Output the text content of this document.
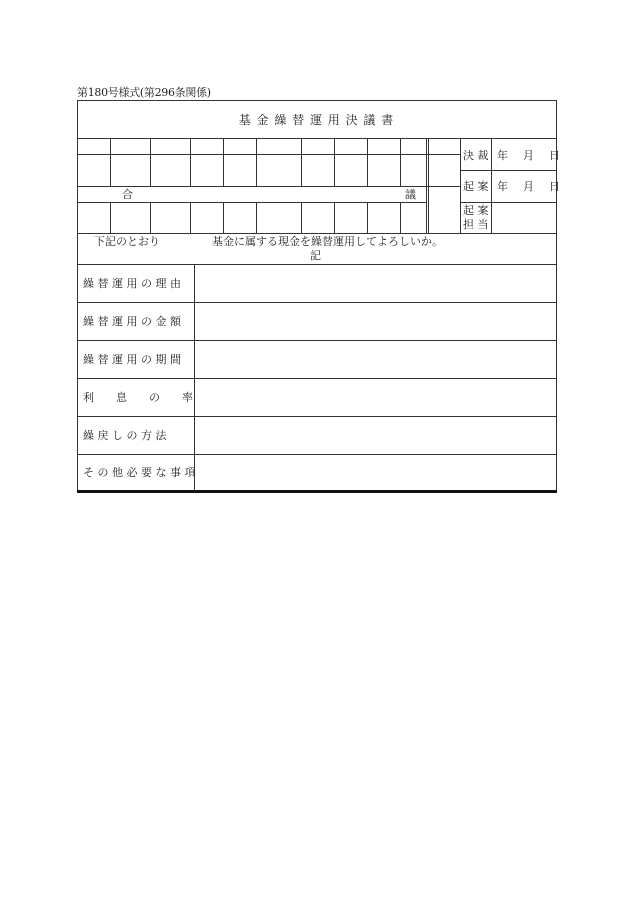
第180号様式(第296条関係)
基 金 繰 替 運 用 決 議 書
決 裁 年　月　日
起 案 年　月　日
起 案
担 当
合	議
下記のとおり	基金に属する現金を繰替運用してよろしいか。
記
繰 替 運 用 の 理 由
繰 替 運 用 の 金 額
繰 替 運 用 の 期 間
利　　息　　の　　率
繰 戻 し の 方 法
そ の 他 必 要 な 事 項
